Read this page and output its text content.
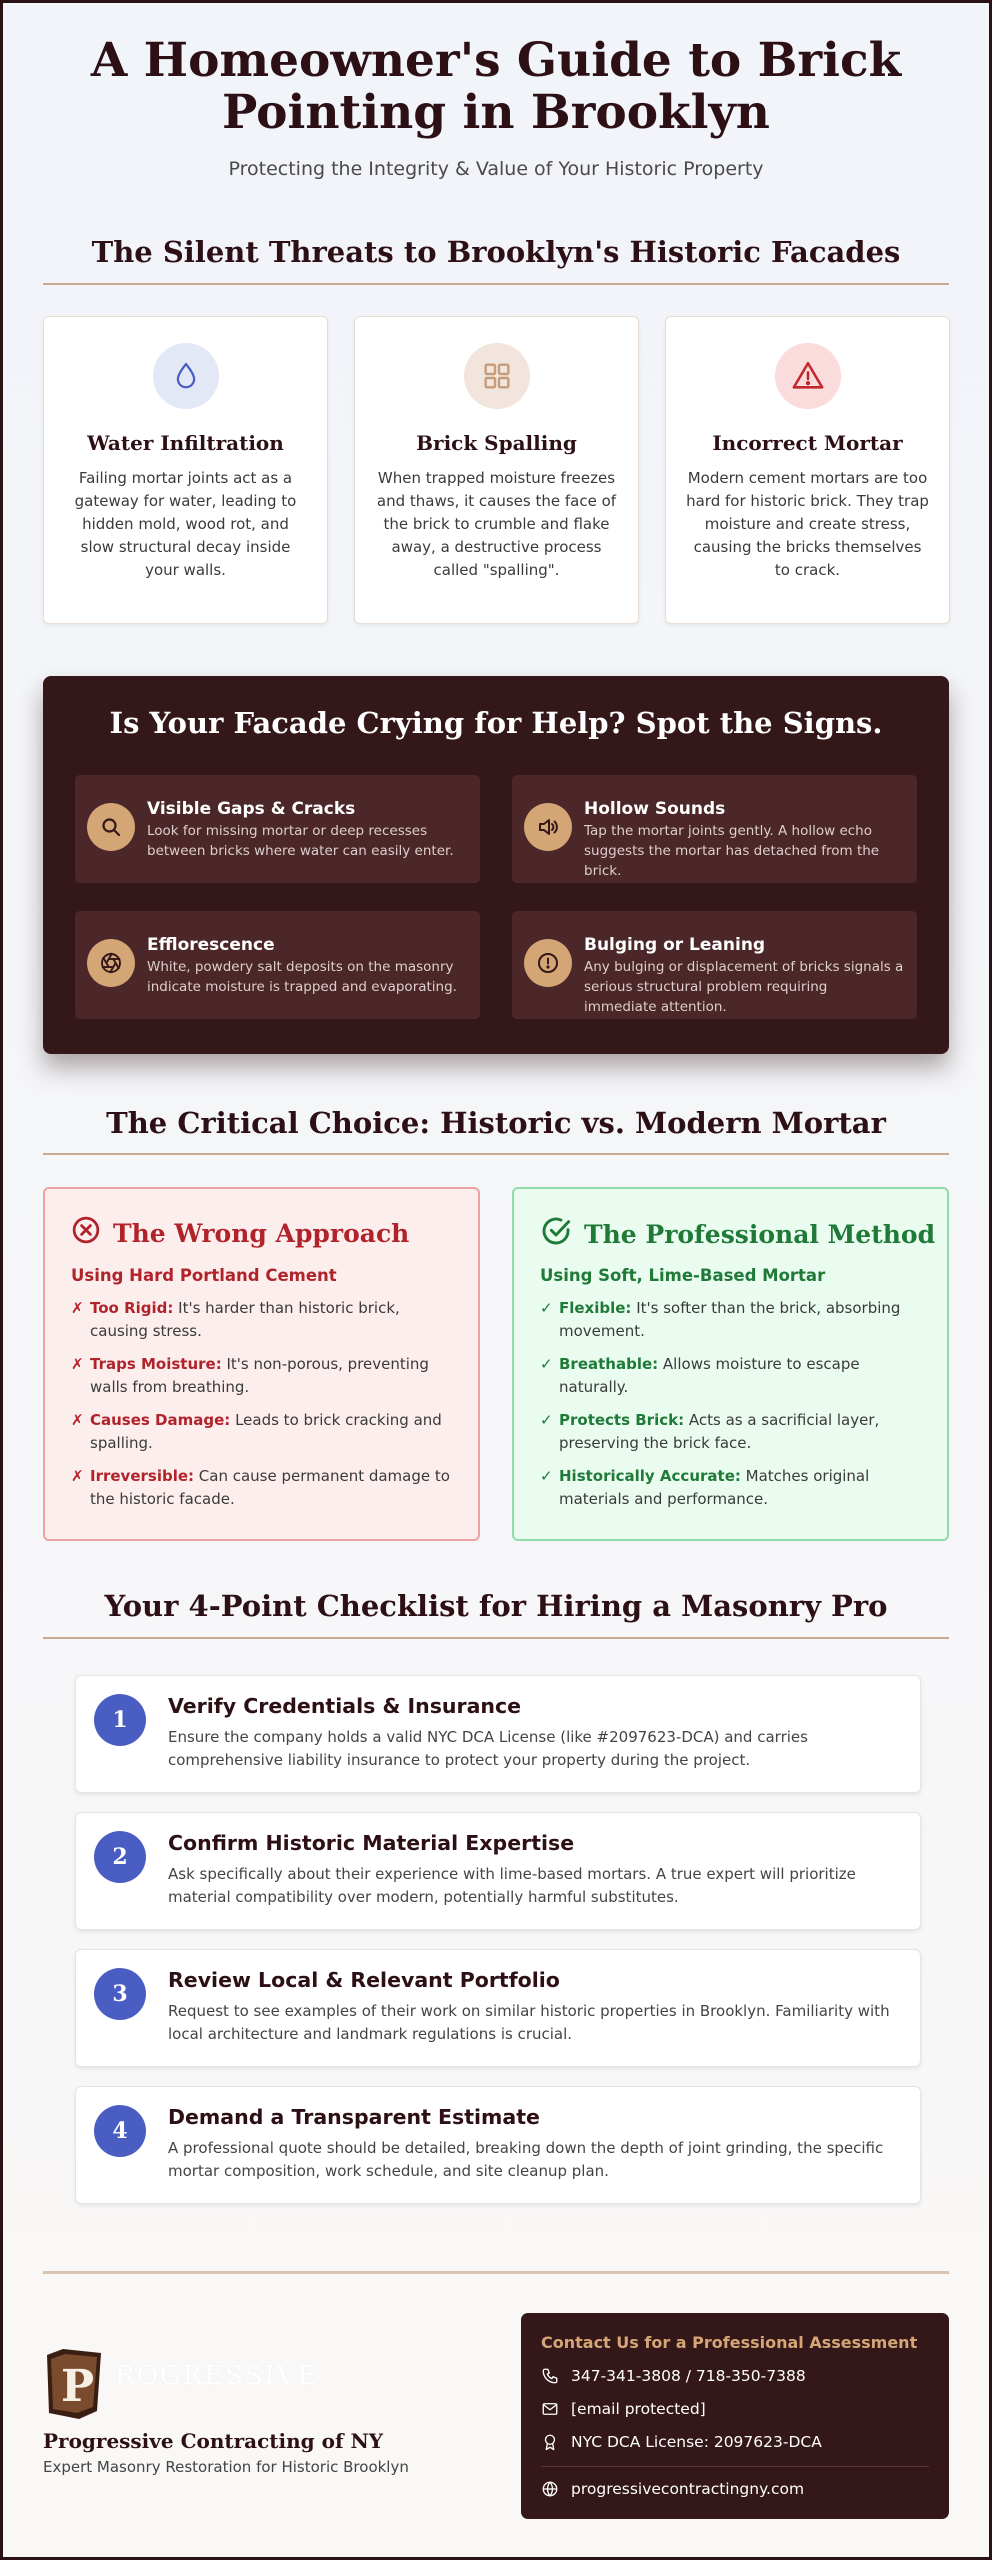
A Homeowner's Guide to Brick Pointing in Brooklyn

Protecting the Integrity & Value of Your Historic Property

The Silent Threats to Brooklyn's Historic Facades
Water Infiltration

Failing mortar joints act as a gateway for water, leading to hidden mold, wood rot, and slow structural decay inside your walls.

Brick Spalling

When trapped moisture freezes and thaws, it causes the face of the brick to crumble and flake away, a destructive process called "spalling".

Incorrect Mortar

Modern cement mortars are too hard for historic brick. They trap moisture and create stress, causing the bricks themselves to crack.

Is Your Facade Crying for Help? Spot the Signs.
Visible Gaps & Cracks

Look for missing mortar or deep recesses between bricks where water can easily enter.

Hollow Sounds

Tap the mortar joints gently. A hollow echo suggests the mortar has detached from the brick.

Efflorescence

White, powdery salt deposits on the masonry indicate moisture is trapped and evaporating.

Bulging or Leaning

Any bulging or displacement of bricks signals a serious structural problem requiring immediate attention.

The Critical Choice: Historic vs. Modern Mortar
The Wrong Approach
Using Hard Portland Cement
✗ Too Rigid: It's harder than historic brick, causing stress.
✗ Traps Moisture: It's non-porous, preventing walls from breathing.
✗ Causes Damage: Leads to brick cracking and spalling.
✗ Irreversible: Can cause permanent damage to the historic facade.
The Professional Method
Using Soft, Lime-Based Mortar
✓ Flexible: It's softer than the brick, absorbing movement.
✓ Breathable: Allows moisture to escape naturally.
✓ Protects Brick: Acts as a sacrificial layer, preserving the brick face.
✓ Historically Accurate: Matches original materials and performance.
Your 4-Point Checklist for Hiring a Masonry Pro
1
Verify Credentials & Insurance

Ensure the company holds a valid NYC DCA License (like #2097623-DCA) and carries comprehensive liability insurance to protect your property during the project.

2
Confirm Historic Material Expertise

Ask specifically about their experience with lime-based mortars. A true expert will prioritize material compatibility over modern, potentially harmful substitutes.

3
Review Local & Relevant Portfolio

Request to see examples of their work on similar historic properties in Brooklyn. Familiarity with local architecture and landmark regulations is crucial.

4
Demand a Transparent Estimate

A professional quote should be detailed, breaking down the depth of joint grinding, the specific mortar composition, work schedule, and site cleanup plan.

P ROGRESSIVE
Progressive Contracting of NY
Expert Masonry Restoration for Historic Brooklyn
Contact Us for a Professional Assessment
347-341-3808 / 718-350-7388
[email protected]
NYC DCA License: 2097623-DCA
progressivecontractingny.com
